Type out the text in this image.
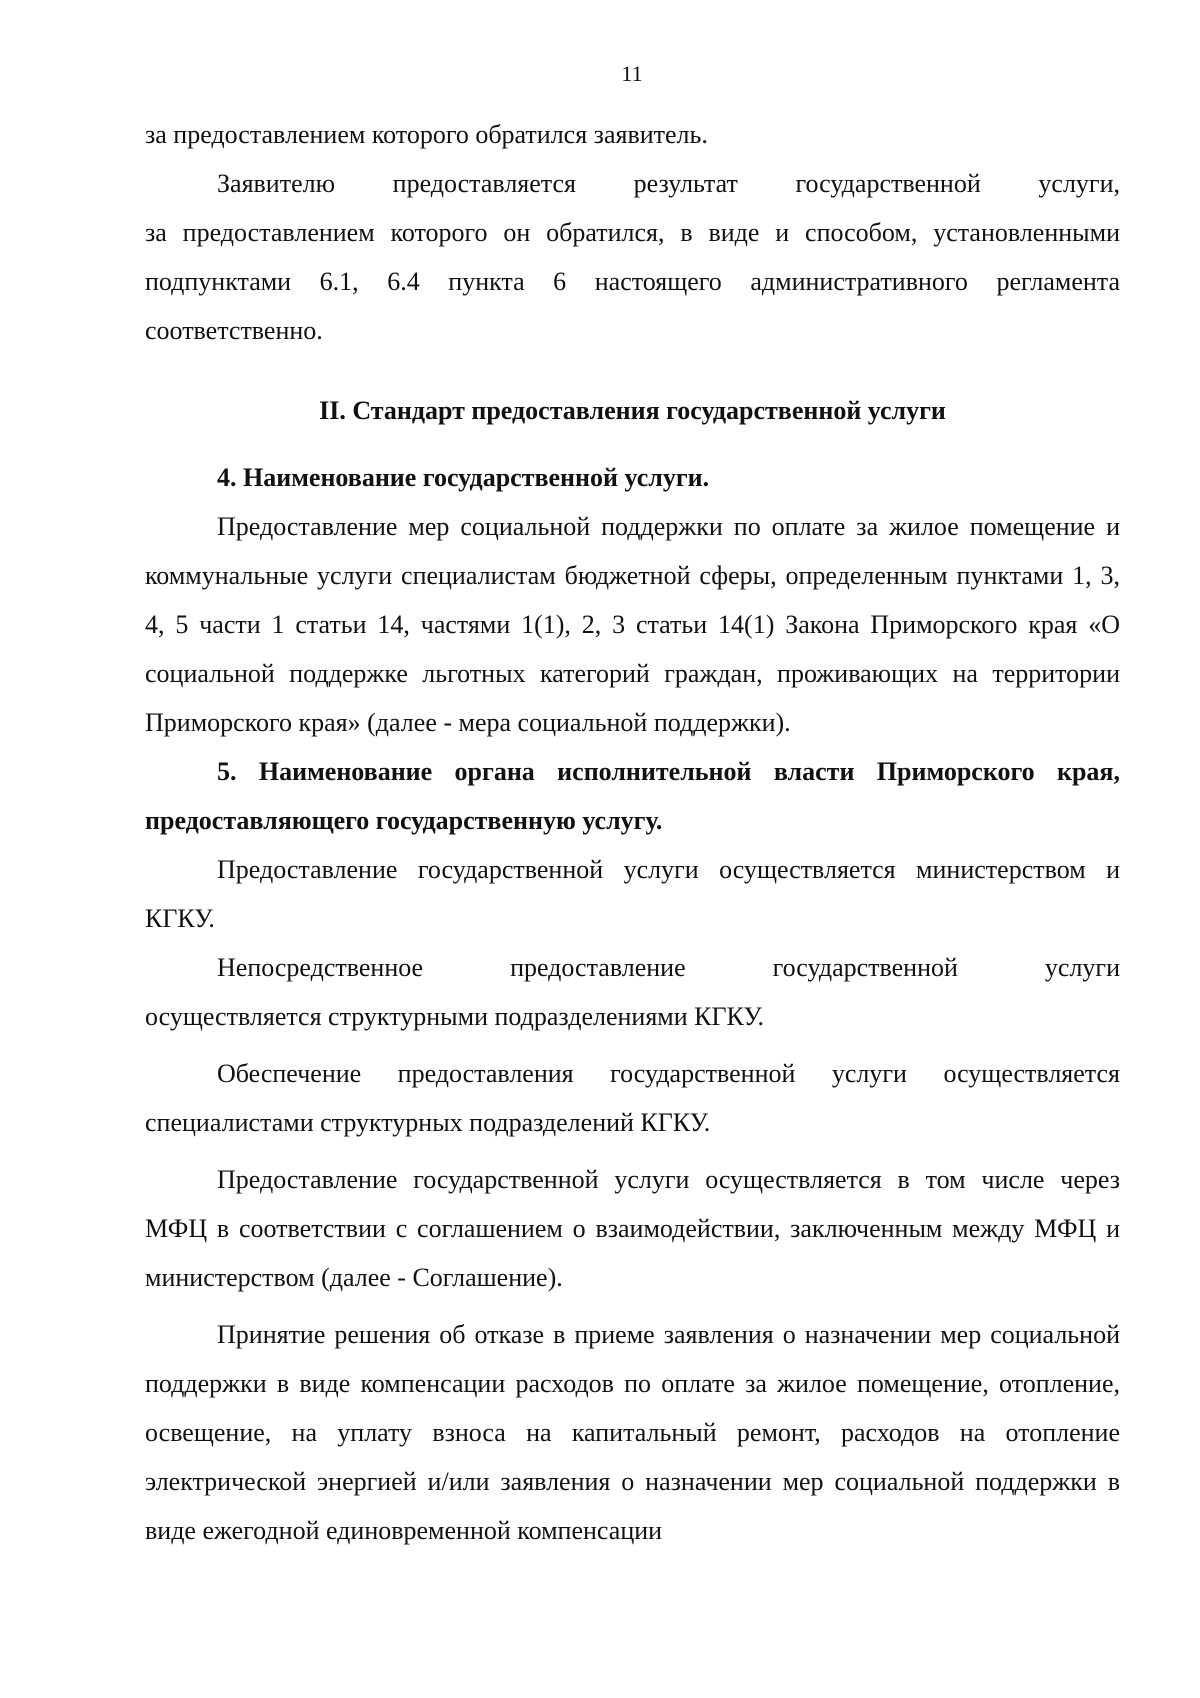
11

за предоставлением которого обратился заявитель.

Заявителю предоставляется результат государственной услуги,

за предоставлением которого он обратился, в виде и способом, установленными подпунктами 6.1, 6.4 пункта 6 настоящего административного регламента соответственно.

II. Стандарт предоставления государственной услуги

4. Наименование государственной услуги.

Предоставление мер социальной поддержки по оплате за жилое помещение и коммунальные услуги специалистам бюджетной сферы, определенным пунктами 1, 3, 4, 5 части 1 статьи 14, частями 1(1), 2, 3 статьи 14(1) Закона Приморского края «О социальной поддержке льготных категорий граждан, проживающих на территории Приморского края» (далее - мера социальной поддержки).

5. Наименование органа исполнительной власти Приморского края, предоставляющего государственную услугу.

Предоставление государственной услуги осуществляется министерством и КГКУ.

Непосредственное предоставление государственной услуги

осуществляется структурными подразделениями КГКУ.

Обеспечение предоставления государственной услуги осуществляется специалистами структурных подразделений КГКУ.

Предоставление государственной услуги осуществляется в том числе через МФЦ в соответствии с соглашением о взаимодействии, заключенным между МФЦ и министерством (далее - Соглашение).

Принятие решения об отказе в приеме заявления о назначении мер социальной поддержки в виде компенсации расходов по оплате за жилое помещение, отопление, освещение, на уплату взноса на капитальный ремонт, расходов на отопление электрической энергией и/или заявления о назначении мер социальной поддержки в виде ежегодной единовременной компенсации
